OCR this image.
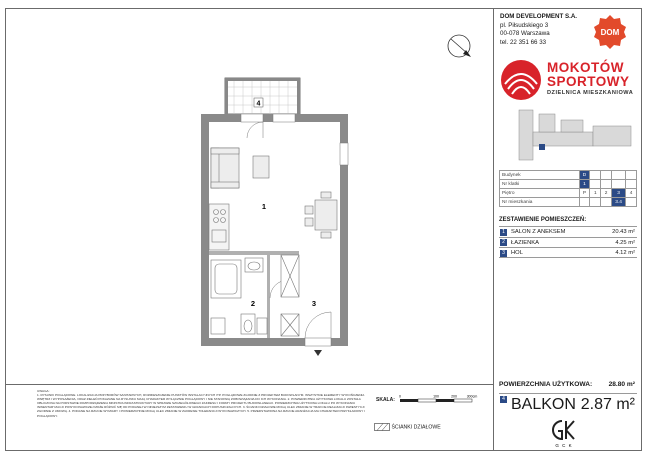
1
2	3
4
UWAGA:
1. RYSUNKI POGLĄDOWE. LOKALIZACJA PRZYBORÓW SANITARNYCH, ROZMIESZCZENIE PUNKTÓW INSTALACYJNYCH ITP. POGLĄDOWE ZGODNIE Z PROJEKTEM BUDOWLANYM. WSZYSTKIE ELEMENTY WYKOŃCZENIA WNĘTRZ I WYPOSAŻENIA, ORAZ ZIELEŃ POKAZANE NA RYSUNKU MAJĄ CHARAKTER WYŁĄCZNIE POGLĄDOWY I NIE STANOWIĄ ZOBOWIĄZANIA DO ICH WYKONANIA. 2. POWIERZCHNIA UŻYTKOWA LOKALU ZOSTAŁA OBLICZONA NA PODSTAWIE ROZPORZĄDZENIA MINISTRA INFRASTRUKTURY W SPRAWIE SZCZEGÓŁOWEGO ZAKRESU I FORMY PROJEKTU BUDOWLANEGO. POWIERZCHNIA UŻYTKOWA LOKALU PO WYKONANIU INWENTARYZACJI POWYKONAWCZEJ MOŻE RÓŻNIĆ SIĘ OD PODANEJ W NINIEJSZYM ZESTAWIENIU W GRANICACH DOPUSZCZALNYCH. 3. ŚCIANKI DZIAŁOWE MOGĄ ULEC ZMIANIE W TRAKCIE REALIZACJI INWESTYCJI ZGODNIE Z UMOWĄ. 4. PODANE NA RZUCIE WYMIARY I POWIERZCHNIE MOGĄ ULEC ZMIANIE W ZAKRESIE TOLERANCJI WYKONAWCZYCH. 5. PRZEDSTAWIONA NA RZUCIE ARANŻACJA MA CHARAKTER PRZYKŁADOWY I POGLĄDOWY.
SKALA:
0	100	200	300cm
ŚCIANKI DZIAŁOWE
DOM DEVELOPMENT S.A.
pl. Piłsudskiego 3
00-078 Warszawa
tel. 22 351 66 33
DOM
MOKOTÓW
SPORTOWY
DZIELNICA MIESZKANIOWA
Budynek	D				
Nr klatki	1				
Piętro	P	1	2	3	4
Nr mieszkania				3.4	
ZESTAWIENIE POMIESZCZEŃ:
1	SALON Z ANEKSEM	20.43 m²
2	ŁAZIENKA	4.25 m²
3	HOL	4.12 m²
POWIERZCHNIA UŻYTKOWA: 28.80 m²
4 BALKON 2.87 m²
G C K
